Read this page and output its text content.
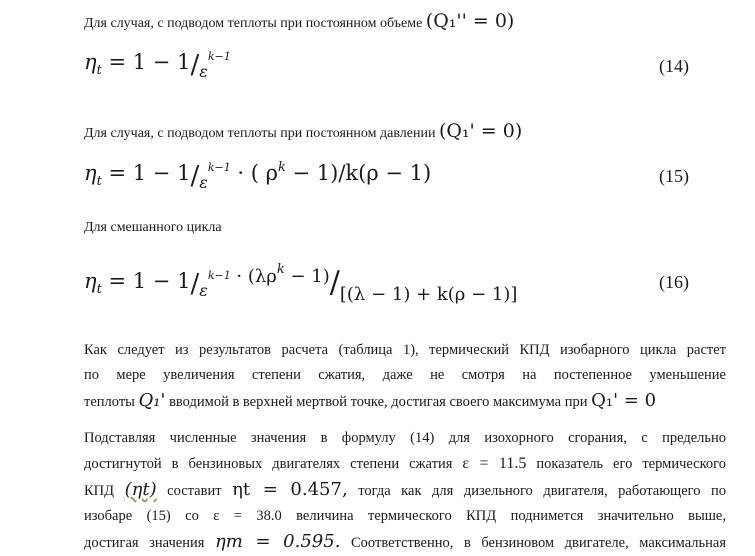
Для случая, с подводом теплоты при постоянном объеме (Q₁'' = 0)
$\eta_t = 1 - 1/_\varepsilon^{k-1}$	(14)
Для случая, с подводом теплоты при постоянном давлении (Q₁' = 0)
$\eta_t = 1 - 1/_\varepsilon^{k-1}$ · ( $\rho^k - 1)/k(\rho - 1)$	(15)
Для смешанного цикла
$\eta_t = 1 - 1/_\varepsilon^{k-1} \cdot (\lambda\rho^k - 1)/[(\lambda - 1) + k(\rho - 1)]$
(16)
Как следует из результатов расчета (таблица 1), термический КПД изобарного цикла растет
по мере увеличения степени сжатия, даже не смотря на постепенное уменьшение
теплоты Q₁' вводимой в верхней мертвой точке, достигая своего максимума при Q₁' = 0
Подставляя численные значения в формулу (14) для изохорного сгорания, с предельно
достигнутой в бензиновых двигателях степени сжатия ε = 11.5 показатель его термического
КПД (ηt) составит ηt = 0.457, тогда как для дизельного двигателя, работающего по
изобаре (15) со ε = 38.0 величина термического КПД поднимется значительно выше,
достигая значения ηт = 0.595. Соответственно, в бензиновом двигателе, максимальная
